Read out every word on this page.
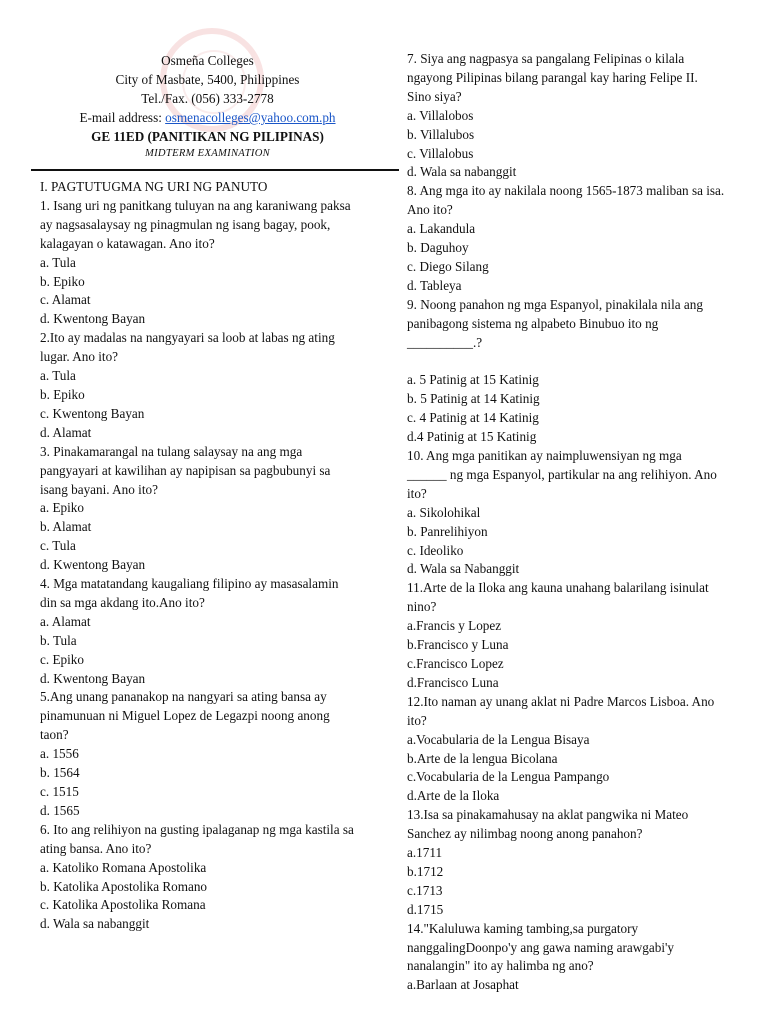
Osmeña Colleges
City of Masbate, 5400, Philippines
Tel./Fax. (056) 333-2778
E-mail address: osmenacolleges@yahoo.com.ph
GE 11ED (PANITIKAN NG PILIPINAS)
MIDTERM EXAMINATION
I. PAGTUTUGMA NG URI NG PANUTO
1. Isang uri ng panitkang tuluyan na ang karaniwang paksa
ay nagsasalaysay ng pinagmulan ng isang bagay, pook,
kalagayan o katawagan. Ano ito?
a. Tula
b. Epiko
c. Alamat
d. Kwentong Bayan
2.Ito ay madalas na nangyayari sa loob at labas ng ating
lugar. Ano ito?
a. Tula
b. Epiko
c. Kwentong Bayan
d. Alamat
3. Pinakamarangal na tulang salaysay na ang mga
pangyayari at kawilihan ay napipisan sa pagbubunyi sa
isang bayani. Ano ito?
a. Epiko
b. Alamat
c. Tula
d. Kwentong Bayan
4. Mga matatandang kaugaliang filipino ay masasalamin
din sa mga akdang ito.Ano ito?
a. Alamat
b. Tula
c. Epiko
d. Kwentong Bayan
5.Ang unang pananakop na nangyari sa ating bansa ay
pinamunuan ni Miguel Lopez de Legazpi noong anong
taon?
a. 1556
b. 1564
c. 1515
d. 1565
6. Ito ang relihiyon na gusting ipalaganap ng mga kastila sa
ating bansa. Ano ito?
a. Katoliko Romana Apostolika
b. Katolika Apostolika Romano
c. Katolika Apostolika Romana
d. Wala sa nabanggit
7. Siya ang nagpasya sa pangalang Felipinas o kilala
ngayong Pilipinas bilang parangal kay haring Felipe II.
Sino siya?
a. Villalobos
b. Villalubos
c. Villalobus
d. Wala sa nabanggit
8. Ang mga ito ay nakilala noong 1565-1873 maliban sa isa.
Ano ito?
a. Lakandula
b. Daguhoy
c. Diego Silang
d. Tableya
9. Noong panahon ng mga Espanyol, pinakilala nila ang
panibagong sistema ng alpabeto Binubuo ito ng
__________.?
a. 5 Patinig at 15 Katinig
b. 5 Patinig at 14 Katinig
c. 4 Patinig at 14 Katinig
d.4 Patinig at 15 Katinig
10. Ang mga panitikan ay naimpluwensiyan ng mga
______ ng mga Espanyol, partikular na ang relihiyon. Ano
ito?
a. Sikolohikal
b. Panrelihiyon
c. Ideoliko
d. Wala sa Nabanggit
11.Arte de la Iloka ang kauna unahang balarilang isinulat
nino?
a.Francis y Lopez
b.Francisco y Luna
c.Francisco Lopez
d.Francisco Luna
12.Ito naman ay unang aklat ni Padre Marcos Lisboa. Ano
ito?
a.Vocabularia de la Lengua Bisaya
b.Arte de la lengua Bicolana
c.Vocabularia de la Lengua Pampango
d.Arte de la Iloka
13.Isa sa pinakamahusay na aklat pangwika ni Mateo
Sanchez ay nilimbag noong anong panahon?
a.1711
b.1712
c.1713
d.1715
14."Kaluluwa kaming tambing,sa purgatory
nanggalingDoonpo'y ang gawa naming arawgabi'y
nanalangin" ito ay halimba ng ano?
a.Barlaan at Josaphat
